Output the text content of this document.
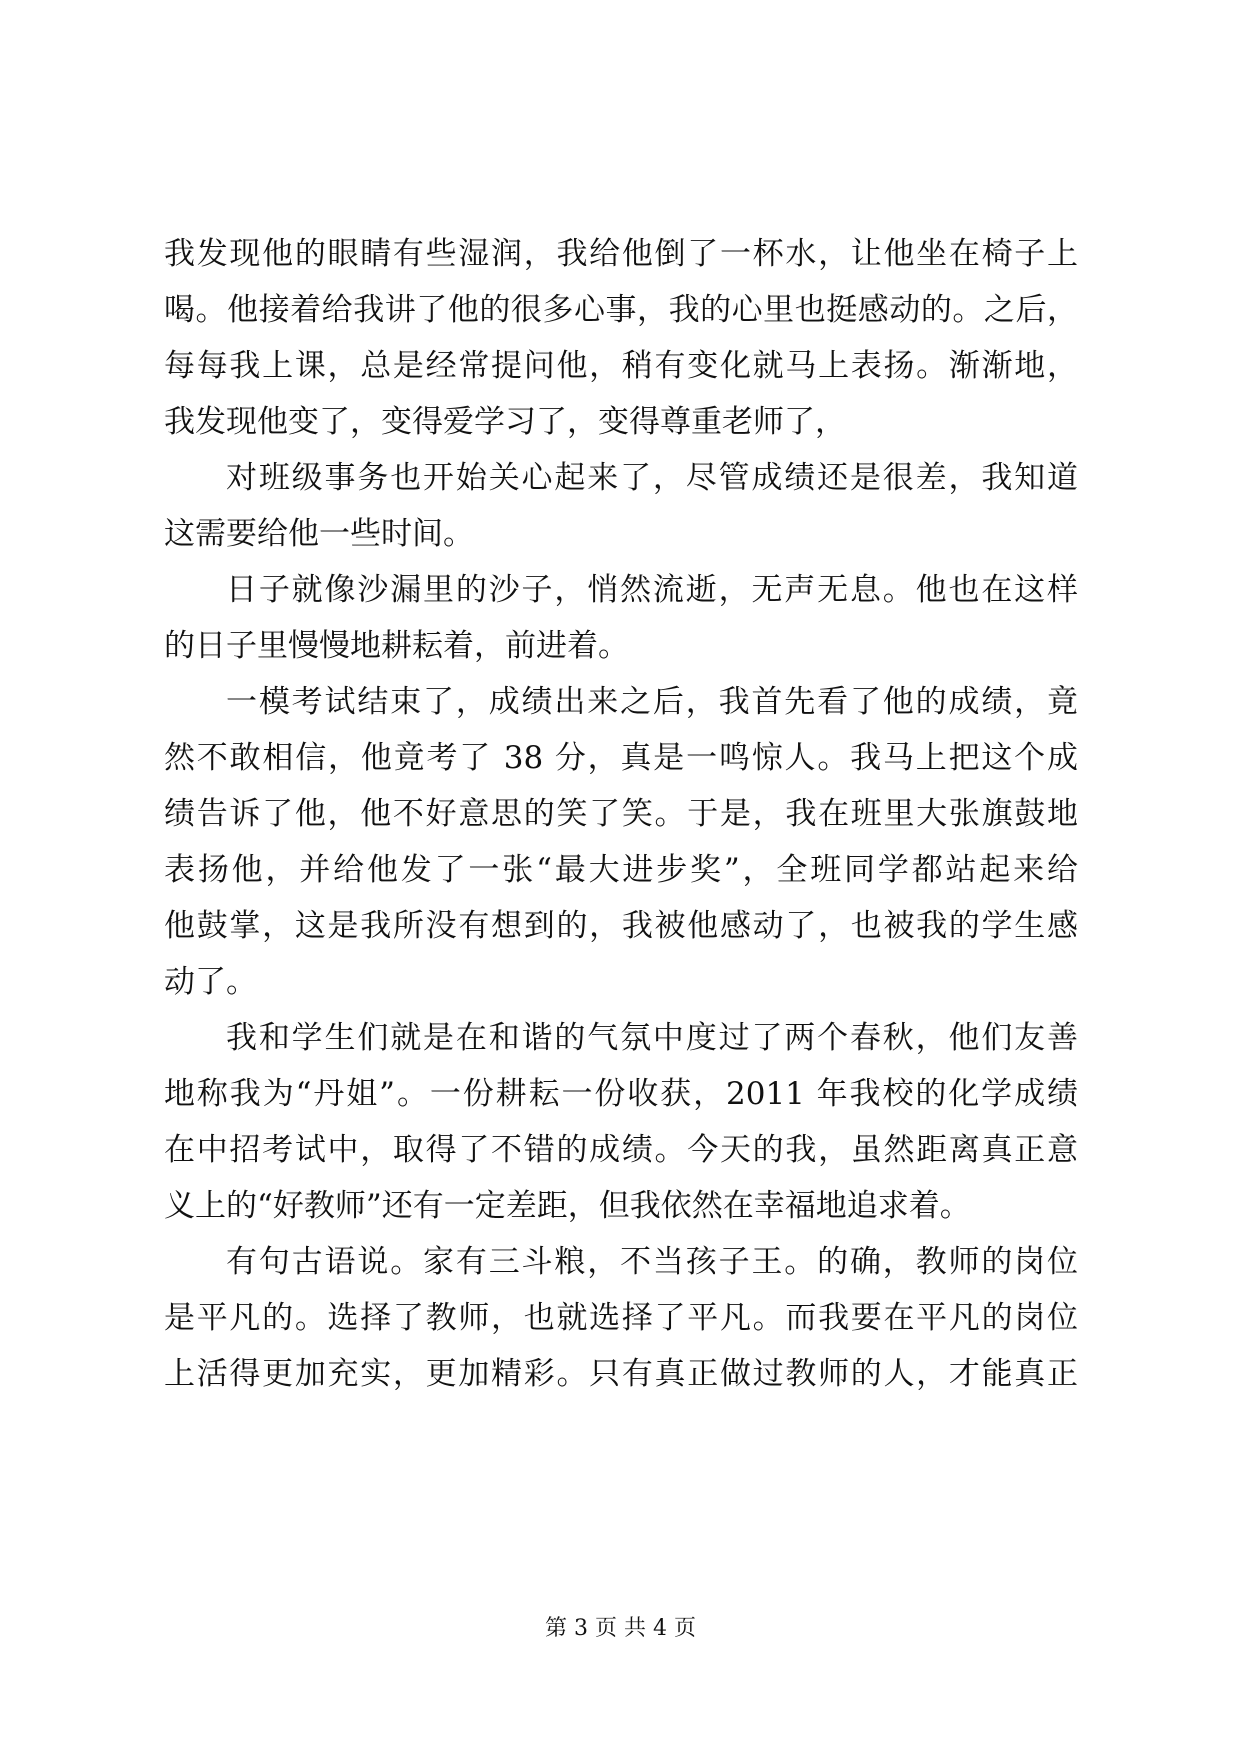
我发现他的眼睛有些湿润，我给他倒了一杯水，让他坐在椅子上
喝。他接着给我讲了他的很多心事，我的心里也挺感动的。之后，
每每我上课，总是经常提问他，稍有变化就马上表扬。渐渐地，
我发现他变了，变得爱学习了，变得尊重老师了，
对班级事务也开始关心起来了，尽管成绩还是很差，我知道
这需要给他一些时间。
日子就像沙漏里的沙子，悄然流逝，无声无息。他也在这样
的日子里慢慢地耕耘着，前进着。
一模考试结束了，成绩出来之后，我首先看了他的成绩，竟
然不敢相信，他竟考了 38 分，真是一鸣惊人。我马上把这个成
绩告诉了他，他不好意思的笑了笑。于是，我在班里大张旗鼓地
表扬他，并给他发了一张“最大进步奖”，全班同学都站起来给
他鼓掌，这是我所没有想到的，我被他感动了，也被我的学生感
动了。
我和学生们就是在和谐的气氛中度过了两个春秋，他们友善
地称我为“丹姐”。一份耕耘一份收获，2011 年我校的化学成绩
在中招考试中，取得了不错的成绩。今天的我，虽然距离真正意
义上的“好教师”还有一定差距，但我依然在幸福地追求着。
有句古语说。家有三斗粮，不当孩子王。的确，教师的岗位
是平凡的。选择了教师，也就选择了平凡。而我要在平凡的岗位
上活得更加充实，更加精彩。只有真正做过教师的人，才能真正
第 3 页 共 4 页
